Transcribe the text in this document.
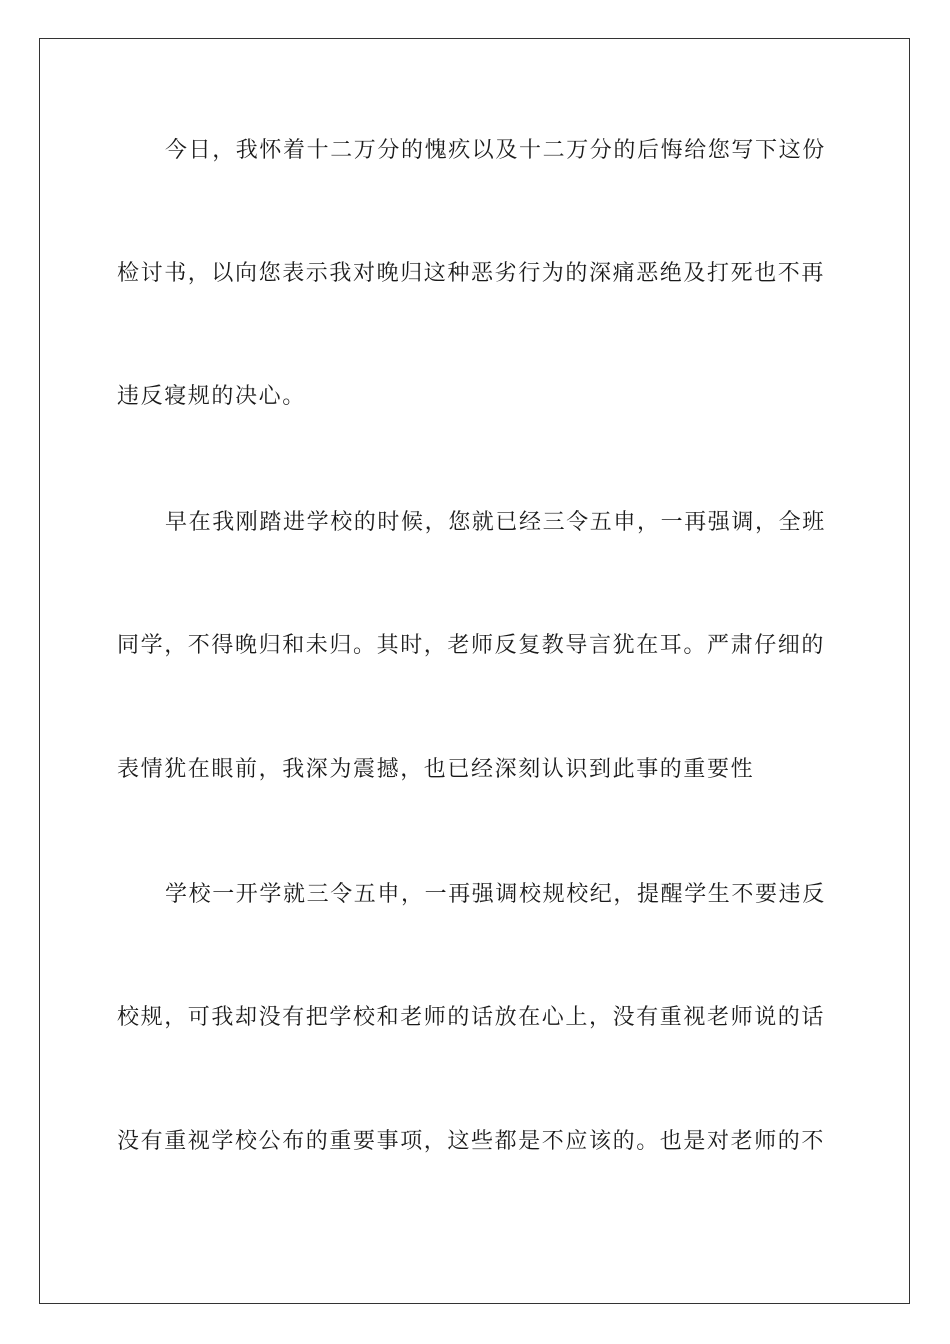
今日，我怀着十二万分的愧疚以及十二万分的后悔给您写下这份
检讨书，以向您表示我对晚归这种恶劣行为的深痛恶绝及打死也不再
违反寝规的决心。
早在我刚踏进学校的时候，您就已经三令五申，一再强调，全班
同学，不得晚归和未归。其时，老师反复教导言犹在耳。严肃仔细的
表情犹在眼前，我深为震撼，也已经深刻认识到此事的重要性
学校一开学就三令五申，一再强调校规校纪，提醒学生不要违反
校规，可我却没有把学校和老师的话放在心上，没有重视老师说的话
没有重视学校公布的重要事项，这些都是不应该的。也是对老师的不
